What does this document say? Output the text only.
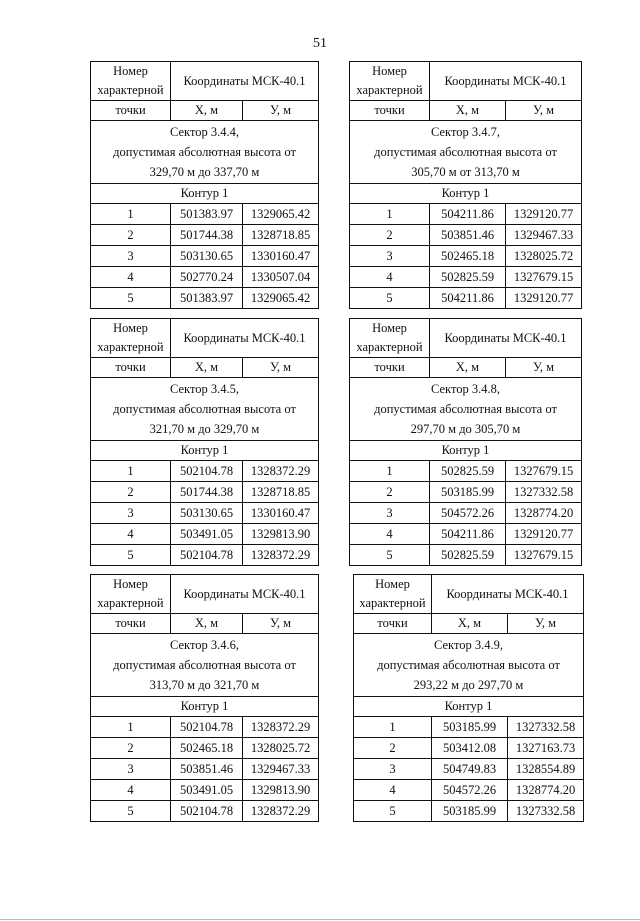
51
Номер характерной	Координаты МСК-40.1	
точки	X, м	У, м

Сектор 3.4.4,
допустимая абсолютная высота от
329,70 м до 337,70 м		

Контур 1		
1	501383.97	1329065.42
2	501744.38	1328718.85
3	503130.65	1330160.47
4	502770.24	1330507.04
5	501383.97	1329065.42
Номер характерной	Координаты МСК-40.1	
точки	X, м	У, м

Сектор 3.4.7,
допустимая абсолютная высота от
305,70 м от 313,70 м		

Контур 1		
1	504211.86	1329120.77
2	503851.46	1329467.33
3	502465.18	1328025.72
4	502825.59	1327679.15
5	504211.86	1329120.77
Номер характерной	Координаты МСК-40.1	
точки	X, м	У, м

Сектор 3.4.5,
допустимая абсолютная высота от
321,70 м до 329,70 м		

Контур 1		
1	502104.78	1328372.29
2	501744.38	1328718.85
3	503130.65	1330160.47
4	503491.05	1329813.90
5	502104.78	1328372.29
Номер характерной	Координаты МСК-40.1	
точки	X, м	У, м

Сектор 3.4.8,
допустимая абсолютная высота от
297,70 м до 305,70 м		

Контур 1		
1	502825.59	1327679.15
2	503185.99	1327332.58
3	504572.26	1328774.20
4	504211.86	1329120.77
5	502825.59	1327679.15
Номер характерной	Координаты МСК-40.1	
точки	X, м	У, м

Сектор 3.4.6,
допустимая абсолютная высота от
313,70 м до 321,70 м		

Контур 1		
1	502104.78	1328372.29
2	502465.18	1328025.72
3	503851.46	1329467.33
4	503491.05	1329813.90
5	502104.78	1328372.29
Номер характерной	Координаты МСК-40.1	
точки	X, м	У, м

Сектор 3.4.9,
допустимая абсолютная высота от
293,22 м до 297,70 м		

Контур 1		
1	503185.99	1327332.58
2	503412.08	1327163.73
3	504749.83	1328554.89
4	504572.26	1328774.20
5	503185.99	1327332.58
